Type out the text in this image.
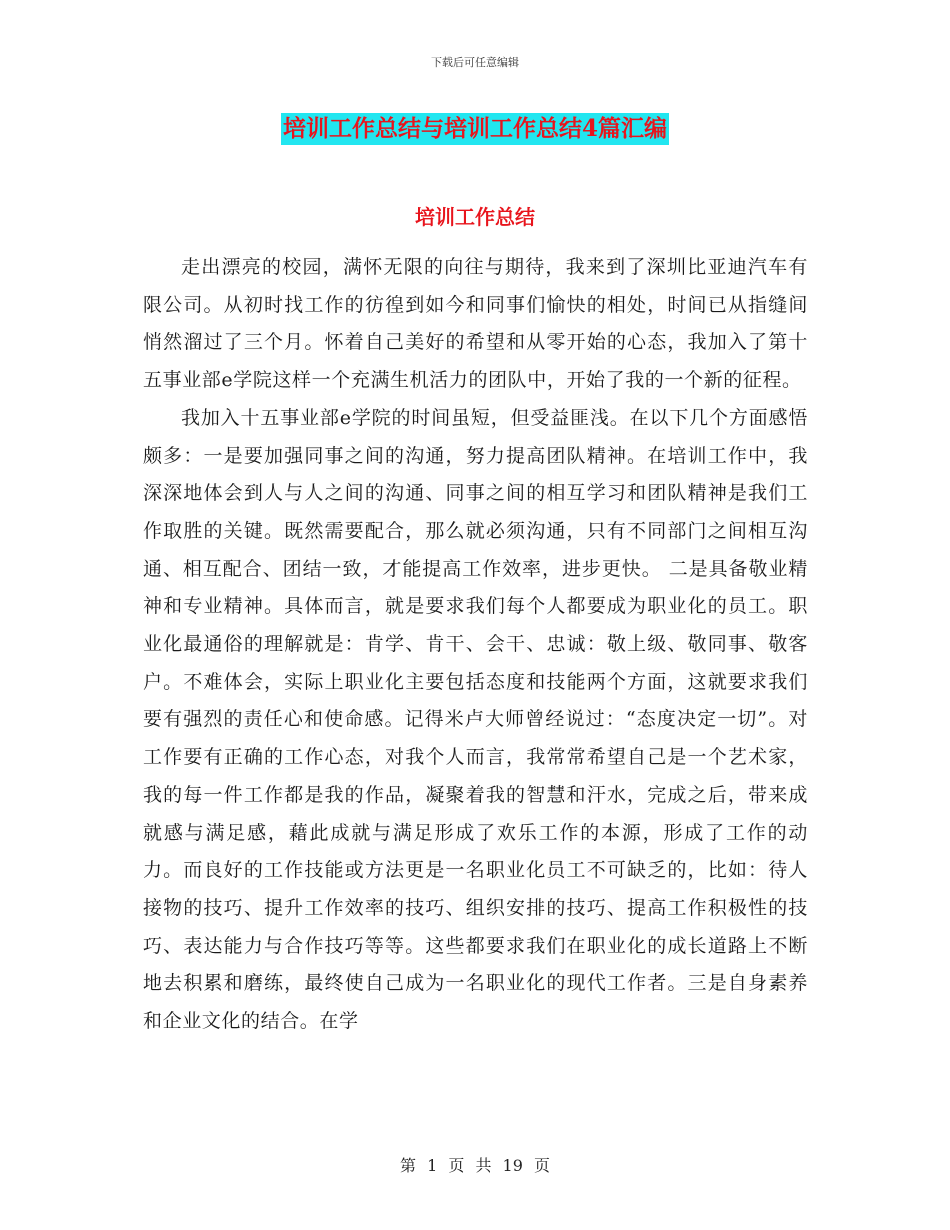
下载后可任意编辑
培训工作总结与培训工作总结4篇汇编
培训工作总结

走出漂亮的校园，满怀无限的向往与期待，我来到了深圳比亚迪汽车有限公司。从初时找工作的彷徨到如今和同事们愉快的相处，时间已从指缝间悄然溜过了三个月。怀着自己美好的希望和从零开始的心态，我加入了第十五事业部e学院这样一个充满生机活力的团队中，开始了我的一个新的征程。

我加入十五事业部e学院的时间虽短，但受益匪浅。在以下几个方面感悟颇多：一是要加强同事之间的沟通，努力提高团队精神。在培训工作中，我深深地体会到人与人之间的沟通、同事之间的相互学习和团队精神是我们工作取胜的关键。既然需要配合，那么就必须沟通，只有不同部门之间相互沟通、相互配合、团结一致，才能提高工作效率，进步更快。 二是具备敬业精神和专业精神。具体而言，就是要求我们每个人都要成为职业化的员工。职业化最通俗的理解就是：肯学、肯干、会干、忠诚：敬上级、敬同事、敬客户。不难体会，实际上职业化主要包括态度和技能两个方面，这就要求我们要有强烈的责任心和使命感。记得米卢大师曾经说过：“态度决定一切”。对工作要有正确的工作心态，对我个人而言，我常常希望自己是一个艺术家，我的每一件工作都是我的作品，凝聚着我的智慧和汗水，完成之后，带来成就感与满足感，藉此成就与满足形成了欢乐工作的本源，形成了工作的动力。而良好的工作技能或方法更是一名职业化员工不可缺乏的，比如：待人接物的技巧、提升工作效率的技巧、组织安排的技巧、提高工作积极性的技巧、表达能力与合作技巧等等。这些都要求我们在职业化的成长道路上不断地去积累和磨练，最终使自己成为一名职业化的现代工作者。三是自身素养和企业文化的结合。在学

第 1 页 共 19 页
